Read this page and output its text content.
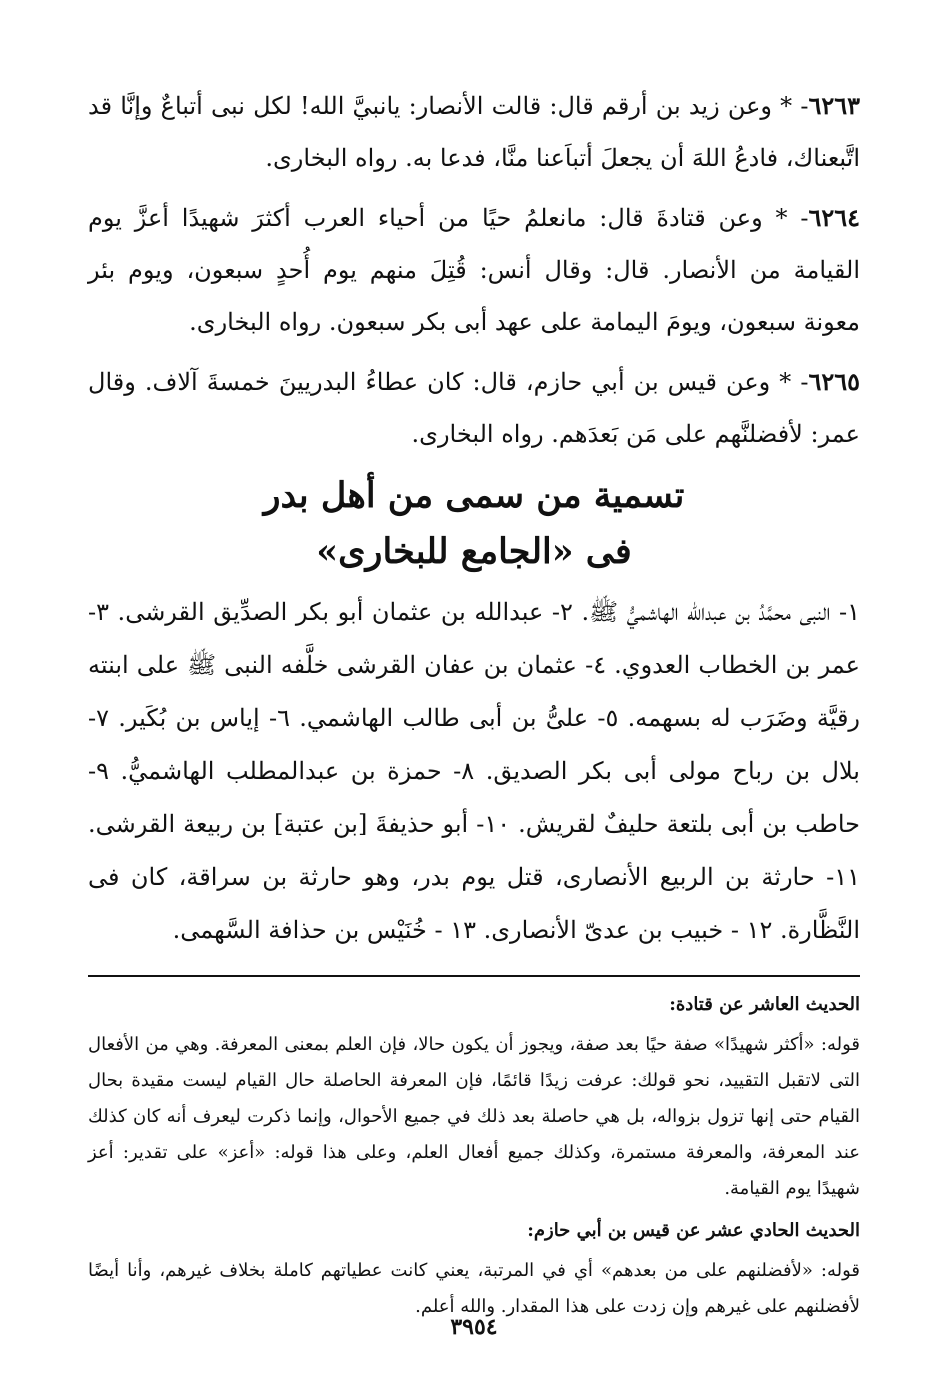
٦٢٦٣- * وعن زيد بن أرقم قال: قالت الأنصار: يانبيَّ الله! لكل نبى أتباعٌ وإنَّا قد اتَّبعناك، فادعُ اللهَ أن يجعلَ أتباَعنا منَّا، فدعا به. رواه البخارى.

٦٢٦٤- * وعن قتادةَ قال: مانعلمُ حيًا من أحياء العرب أكثرَ شهيدًا أعزَّ يوم القيامة من الأنصار. قال: وقال أنس: قُتِلَ منهم يوم أُحدٍ سبعون، ويوم بئر معونة سبعون، ويومَ اليمامة على عهد أبى بكر سبعون. رواه البخارى.

٦٢٦٥- * وعن قيس بن أبي حازم، قال: كان عطاءُ البدريينَ خمسةَ آلاف. وقال عمر: لأفضلنَّهم على مَن بَعدَهم. رواه البخارى.

تسمية من سمى من أهل بدر
فى «الجامع للبخارى»

١- النبى محمَّدُ بن عبدالله الهاشميُّ ﷺ. ٢- عبدالله بن عثمان أبو بكر الصدِّيق القرشى. ٣- عمر بن الخطاب العدوي. ٤- عثمان بن عفان القرشى خلَّفه النبى ﷺ على ابنته رقيَّة وضَرَب له بسهمه. ٥- علىُّ بن أبى طالب الهاشمي. ٦- إياس بن بُكَير. ٧- بلال بن رباح مولى أبى بكر الصديق. ٨- حمزة بن عبدالمطلب الهاشميُّ. ٩- حاطب بن أبى بلتعة حليفٌ لقريش. ١٠- أبو حذيفةَ [بن عتبة] بن ربيعة القرشى. ١١- حارثة بن الربيع الأنصارى، قتل يوم بدر، وهو حارثة بن سراقة، كان فى النَّظَّارة. ١٢ - خبيب بن عدىّ الأنصارى. ١٣ - خُنَيْس بن حذافة السَّهمى.

الحديث العاشر عن قتادة:

قوله: «أكثر شهيدًا» صفة حيًا بعد صفة، ويجوز أن يكون حالا، فإن العلم بمعنى المعرفة. وهي من الأفعال التى لاتقبل التقييد، نحو قولك: عرفت زيدًا قائمًا، فإن المعرفة الحاصلة حال القيام ليست مقيدة بحال القيام حتى إنها تزول بزواله، بل هي حاصلة بعد ذلك في جميع الأحوال، وإنما ذكرت ليعرف أنه كان كذلك عند المعرفة، والمعرفة مستمرة، وكذلك جميع أفعال العلم، وعلى هذا قوله: «أعز» على تقدير: أعز شهيدًا يوم القيامة.

الحديث الحادي عشر عن قيس بن أبي حازم:

قوله: «لأفضلنهم على من بعدهم» أي في المرتبة، يعني كانت عطياتهم كاملة بخلاف غيرهم، وأنا أيضًا لأفضلنهم على غيرهم وإن زدت على هذا المقدار. والله أعلم.

٣٩٥٤
